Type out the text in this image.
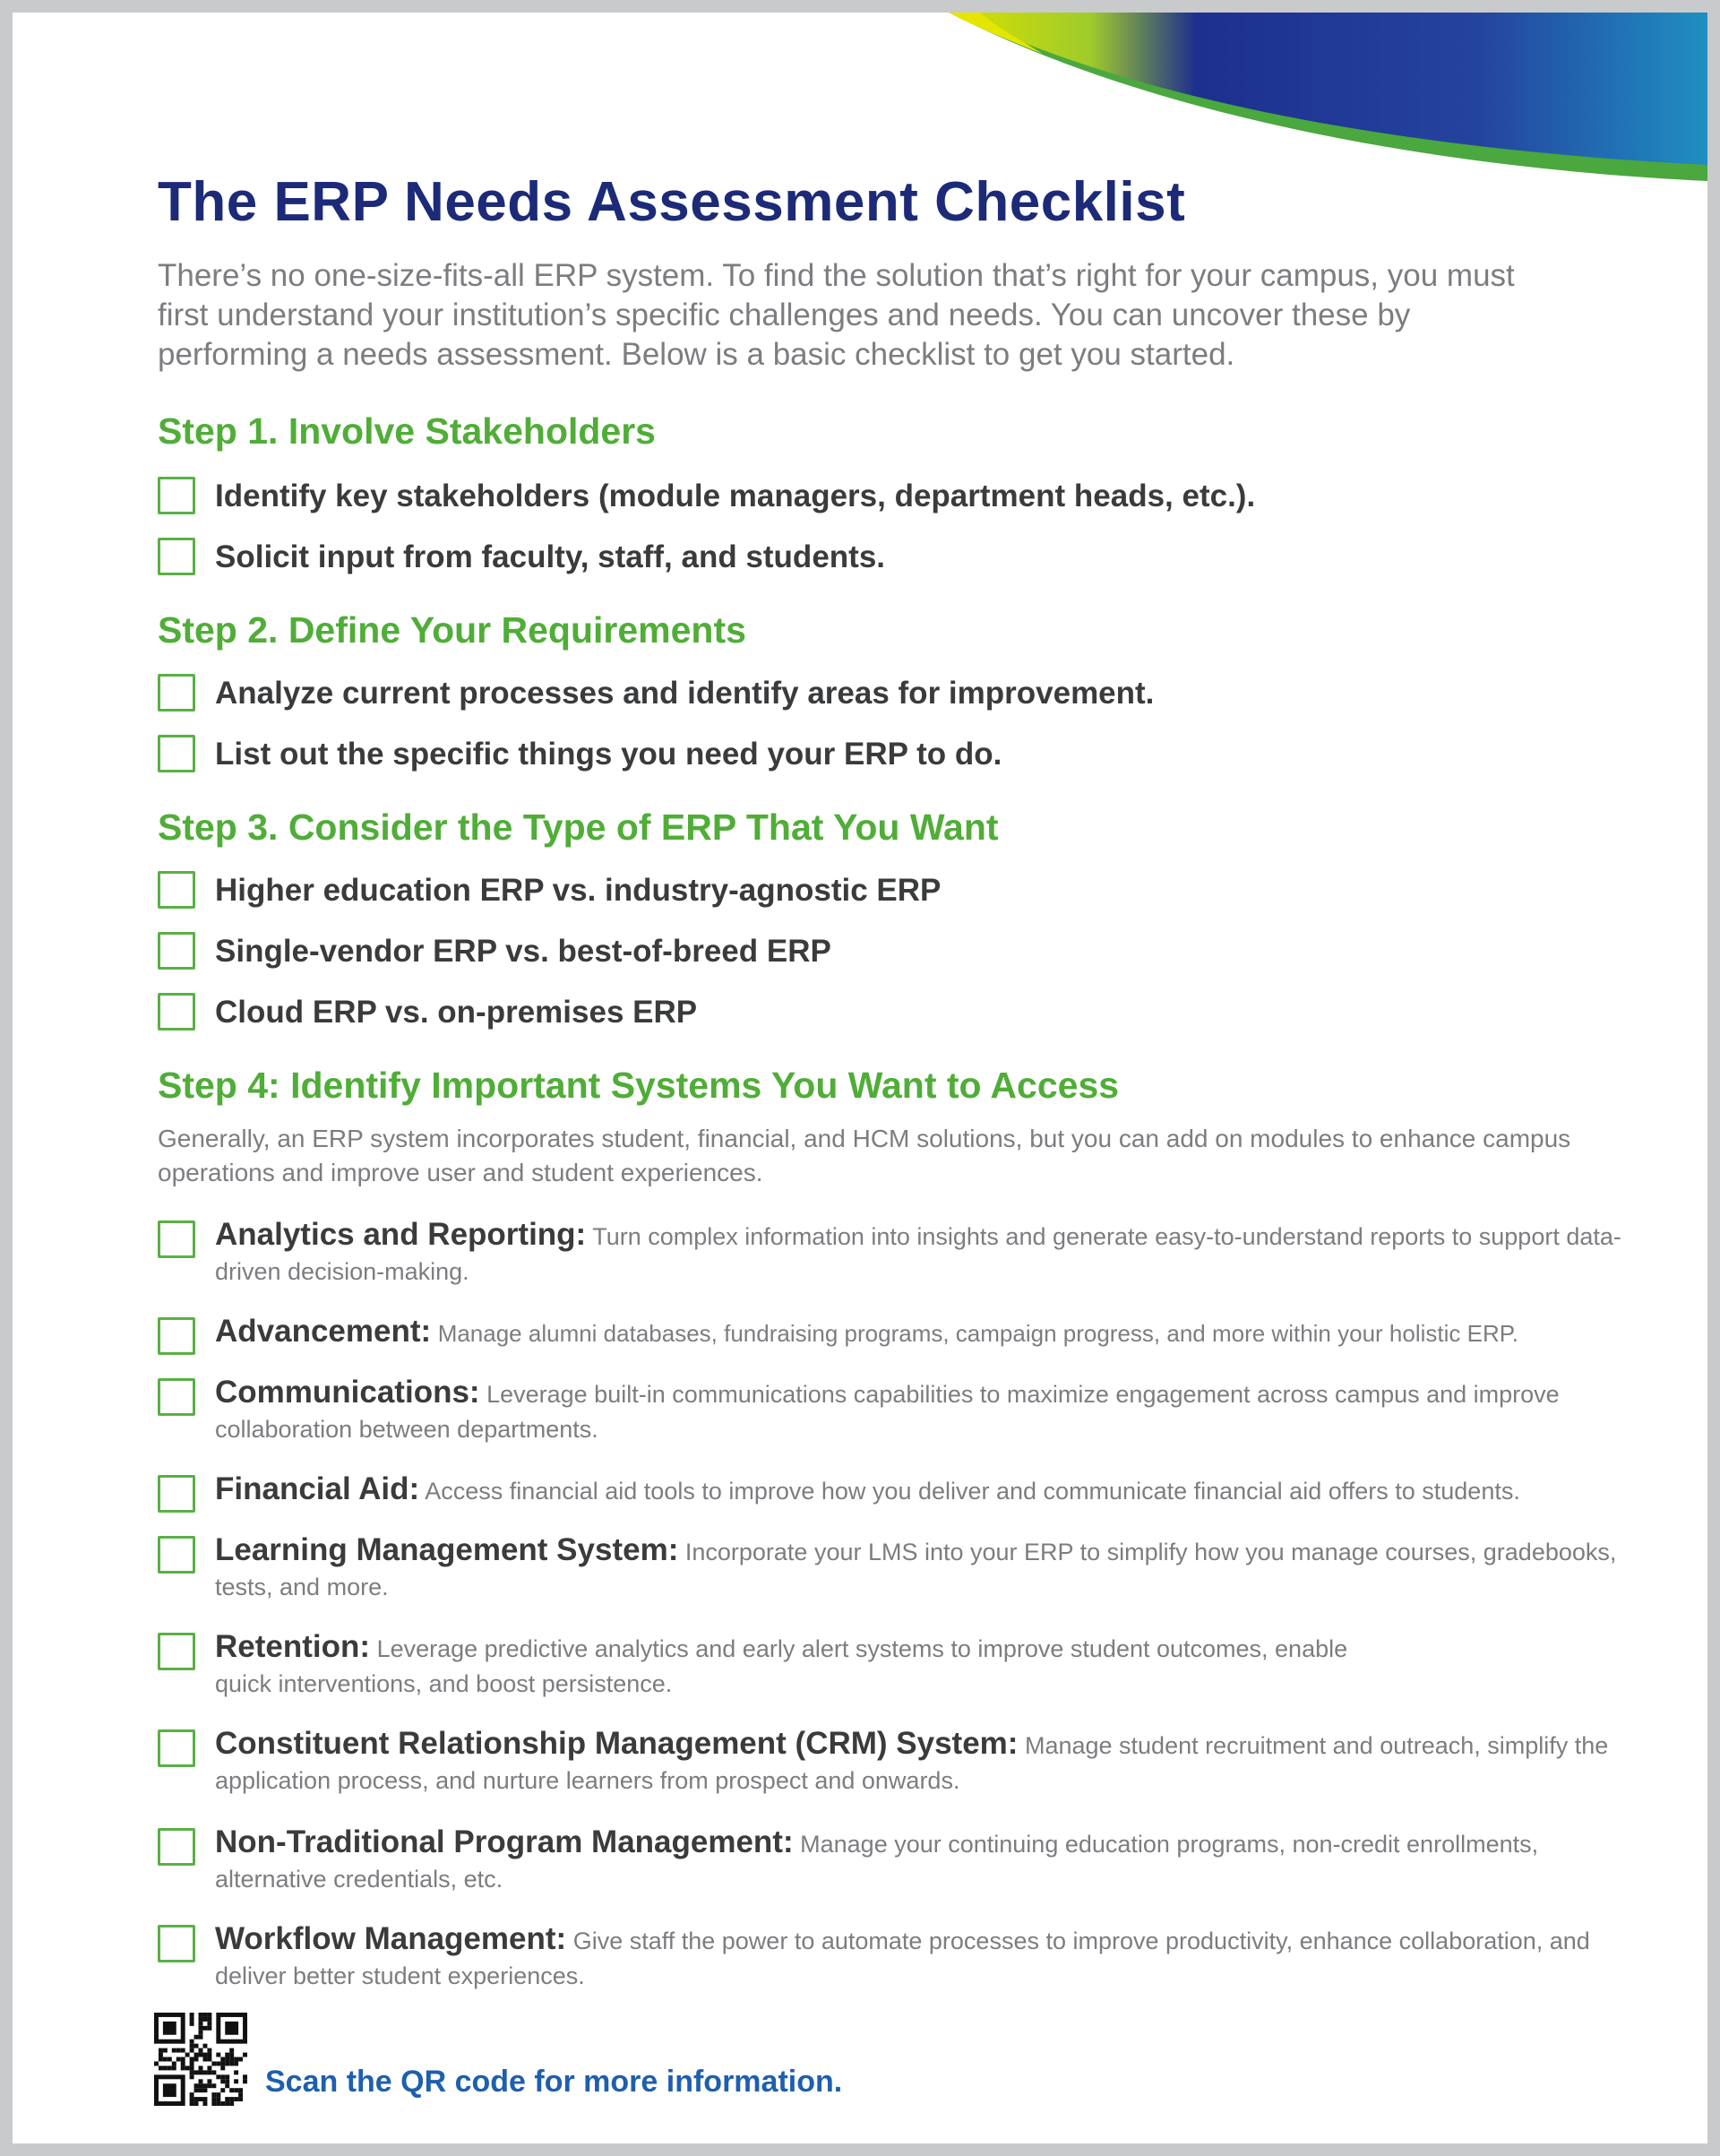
The ERP Needs Assessment Checklist

There’s no one-size-fits-all ERP system. To find the solution that’s right for your campus, you must first understand your institution’s specific challenges and needs. You can uncover these by performing a needs assessment. Below is a basic checklist to get you started.

Step 1. Involve Stakeholders
Identify key stakeholders (module managers, department heads, etc.).
Solicit input from faculty, staff, and students.
Step 2. Define Your Requirements
Analyze current processes and identify areas for improvement.
List out the specific things you need your ERP to do.
Step 3. Consider the Type of ERP That You Want
Higher education ERP vs. industry-agnostic ERP
Single-vendor ERP vs. best-of-breed ERP
Cloud ERP vs. on-premises ERP
Step 4: Identify Important Systems You Want to Access

Generally, an ERP system incorporates student, financial, and HCM solutions, but you can add on modules to enhance campus operations and improve user and student experiences.

Analytics and Reporting: Turn complex information into insights and generate easy-to-understand reports to support data-driven decision-making.

Advancement: Manage alumni databases, fundraising programs, campaign progress, and more within your holistic ERP.

Communications: Leverage built-in communications capabilities to maximize engagement across campus and improve collaboration between departments.

Financial Aid: Access financial aid tools to improve how you deliver and communicate financial aid offers to students.

Learning Management System: Incorporate your LMS into your ERP to simplify how you manage courses, gradebooks, tests, and more.

Retention: Leverage predictive analytics and early alert systems to improve student outcomes, enable quick interventions, and boost persistence.

Constituent Relationship Management (CRM) System: Manage student recruitment and outreach, simplify the application process, and nurture learners from prospect and onwards.

Non-Traditional Program Management: Manage your continuing education programs, non-credit enrollments, alternative credentials, etc.

Workflow Management: Give staff the power to automate processes to improve productivity, enhance collaboration, and deliver better student experiences.

Scan the QR code for more information.
